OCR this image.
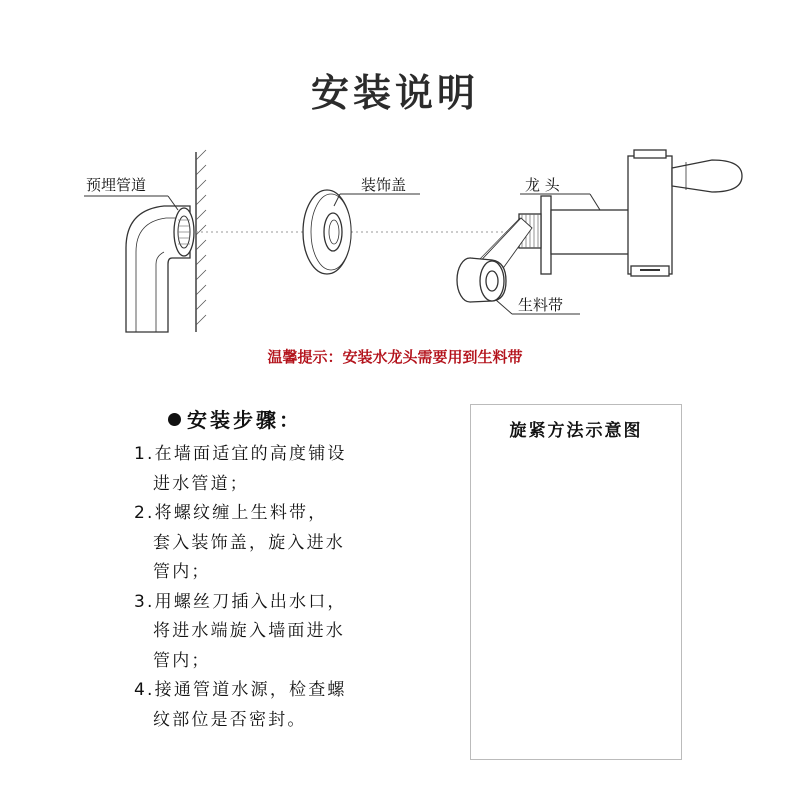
安装说明
预埋管道	装饰盖	龙 头
生料带
温馨提示：安装水龙头需要用到生料带
安装步骤：
1.在墙面适宜的高度铺设
进水管道；
2.将螺纹缠上生料带，
套入装饰盖，旋入进水
管内；
3.用螺丝刀插入出水口，
将进水端旋入墙面进水
管内；
4.接通管道水源，检查螺
纹部位是否密封。
旋紧方法示意图
